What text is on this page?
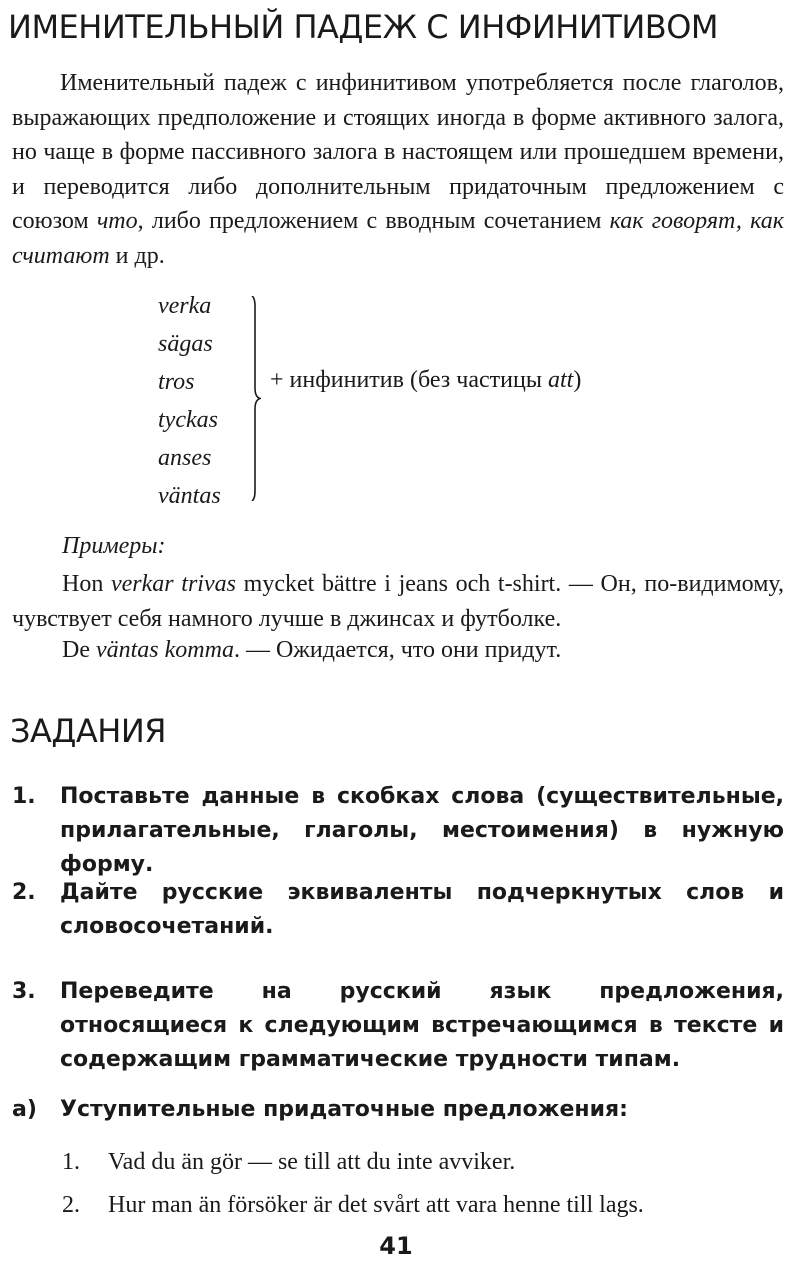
ИМЕНИТЕЛЬНЫЙ ПАДЕЖ С ИНФИНИТИВОМ
Именительный падеж с инфинитивом употребляется после глаголов, выражающих предположение и стоящих иногда в форме активного залога, но чаще в форме пассивного залога в настоящем или прошедшем времени, и переводится либо дополнительным придаточным предложением с союзом что, либо предложением с вводным сочетанием как говорят, как считают и др.
verka
sägas
tros
tyckas
anses
väntas
+ инфинитив (без частицы att)
Примеры:
Hon verkar trivas mycket bättre i jeans och t-shirt. — Он, по-видимому, чувствует себя намного лучше в джинсах и футболке.
De väntas komma. — Ожидается, что они придут.
ЗАДАНИЯ
1. Поставьте данные в скобках слова (существительные, прилагательные, глаголы, местоимения) в нужную форму.
2. Дайте русские эквиваленты подчеркнутых слов и словосочетаний.
3. Переведите на русский язык предложения, относящиеся к следующим встречающимся в тексте и содержащим грамматические трудности типам.
а) Уступительные придаточные предложения:
1. Vad du än gör — se till att du inte avviker.
2. Hur man än försöker är det svårt att vara henne till lags.
41
